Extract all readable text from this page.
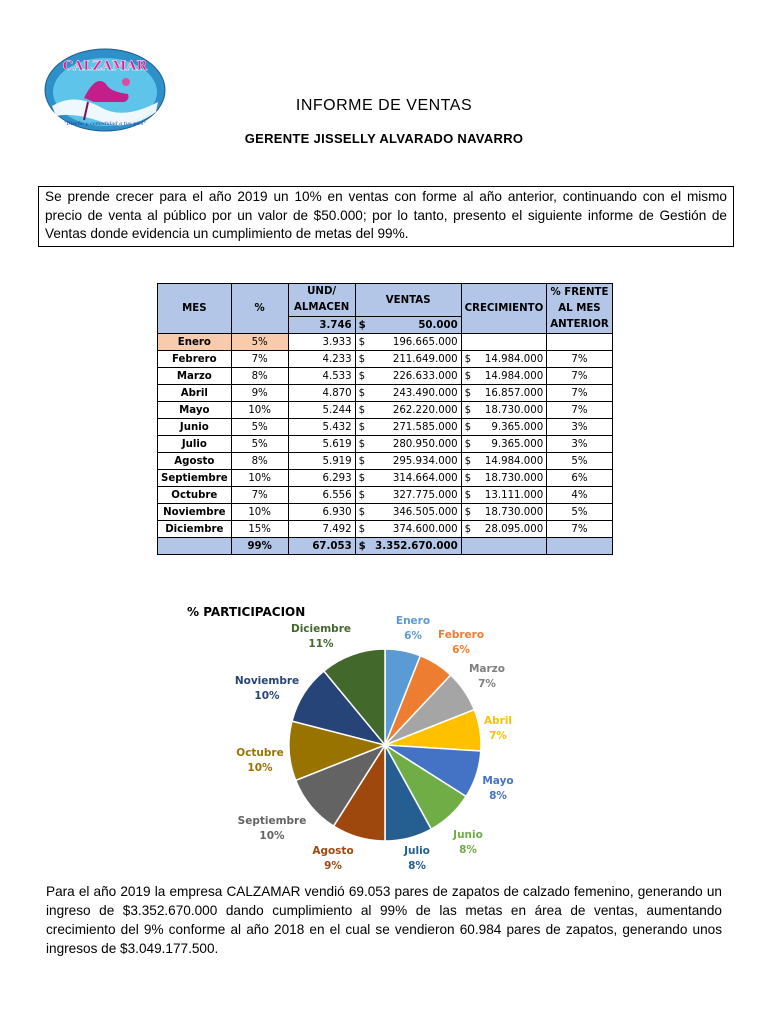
CALZAMAR
"Diseño y comodidad a tus pies"
INFORME DE VENTAS
GERENTE JISSELLY ALVARADO NAVARRO
Se prende crecer para el año 2019 un 10% en ventas con forme al año anterior, continuando con el mismo precio de venta al público por un valor de $50.000; por lo tanto, presento el siguiente informe de Gestión de Ventas donde evidencia un cumplimiento de metas del 99%.
MES	%	UND/ ALMACEN	VENTAS	CRECIMIENTO	% FRENTE AL MES ANTERIOR
		3.746	$ 50.000		

Enero	5%	3.933	$ 196.665.000		

Febrero	7%	4.233	$ 211.649.000	$ 14.984.000	7%
Marzo	8%	4.533	$ 226.633.000	$ 14.984.000	7%
Abril	9%	4.870	$ 243.490.000	$ 16.857.000	7%
Mayo	10%	5.244	$ 262.220.000	$ 18.730.000	7%
Junio	5%	5.432	$ 271.585.000	$ 9.365.000	3%
Julio	5%	5.619	$ 280.950.000	$ 9.365.000	3%
Agosto	8%	5.919	$ 295.934.000	$ 14.984.000	5%
Septiembre	10%	6.293	$ 314.664.000	$ 18.730.000	6%
Octubre	7%	6.556	$ 327.775.000	$ 13.111.000	4%
Noviembre	10%	6.930	$ 346.505.000	$ 18.730.000	5%
Diciembre	15%	7.492	$ 374.600.000	$ 28.095.000	7%
	99%	67.053	$ 3.352.670.000		

% PARTICIPACION
Enero
6% Febrero
6%
Marzo
7%
Abril
7%
Mayo
8%
Junio
8%
Julio
8%
Agosto
9%
Septiembre
10%
Octubre
10%
Noviembre
10%
Diciembre
11%
Para el año 2019 la empresa CALZAMAR vendió 69.053 pares de zapatos de calzado femenino, generando un ingreso de $3.352.670.000 dando cumplimiento al 99% de las metas en área de ventas, aumentando crecimiento del 9% conforme al año 2018 en el cual se vendieron 60.984 pares de zapatos, generando unos ingresos de $3.049.177.500.
